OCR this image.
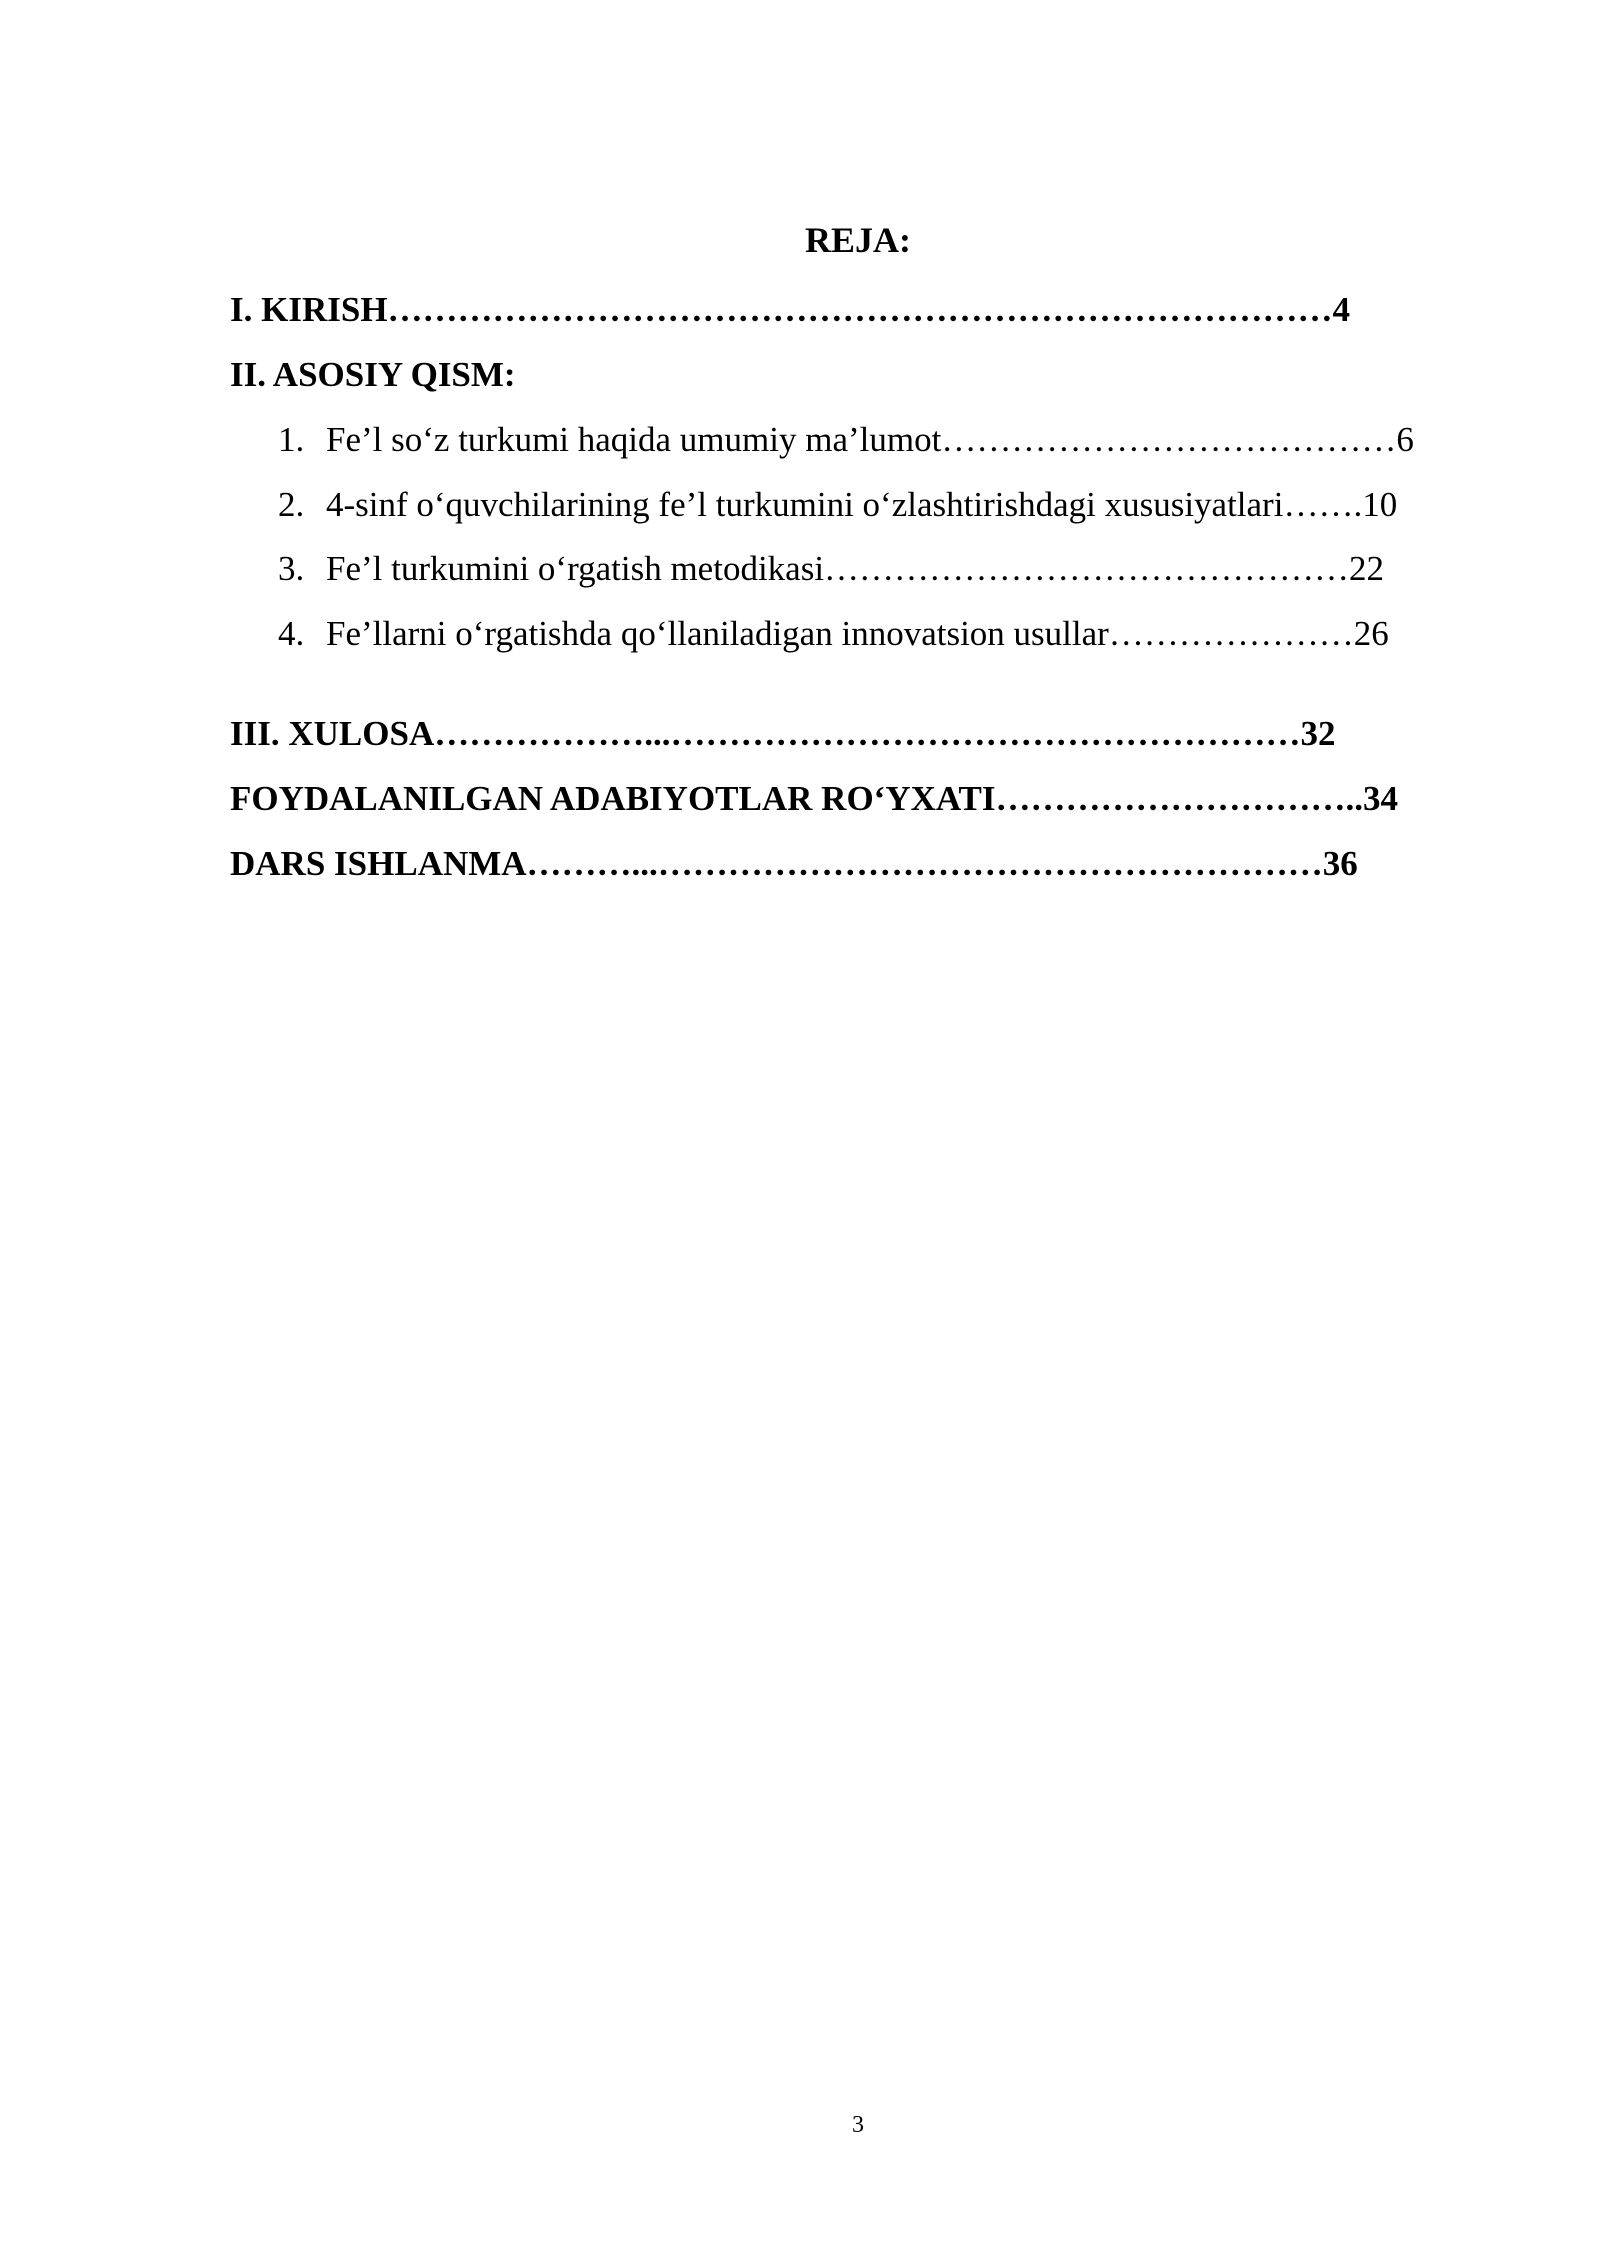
REJA:
I. KIRISH………………………………………………………………………4
II. ASOSIY QISM:
1. Fe’l so‘z turkumi haqida umumiy ma’lumot…………………………………6
2. 4-sinf o‘quvchilarining fe’l turkumini o‘zlashtirishdagi xususiyatlari…….10
3. Fe’l turkumini o‘rgatish metodikasi………………………………………22
4. Fe’llarni o‘rgatishda qo‘llaniladigan innovatsion usullar…………………26
III. XULOSA………………...………………………………………………32
FOYDALANILGAN ADABIYOTLAR RO‘YXATI…………………………..34
DARS ISHLANMA………...…………………………………………………36
3
